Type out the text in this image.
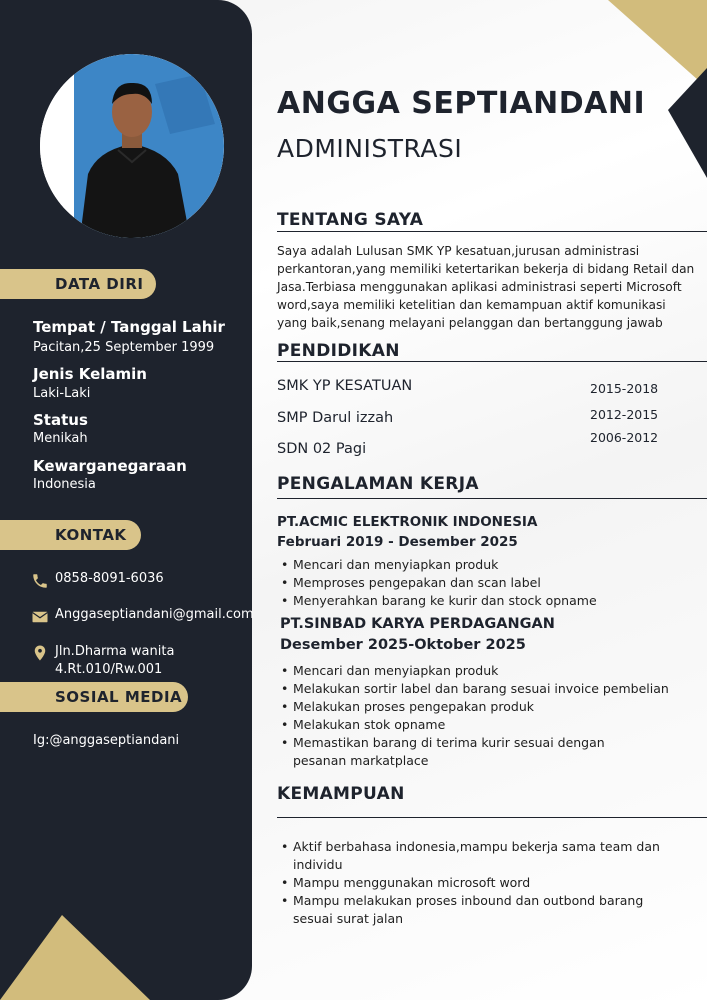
DATA DIRI
Tempat / Tanggal Lahir
Pacitan,25 September 1999
Jenis Kelamin
Laki-Laki
Status
Menikah
Kewarganegaraan
Indonesia
KONTAK
0858-8091-6036
Anggaseptiandani@gmail.com
Jln.Dharma wanita
4.Rt.010/Rw.001
SOSIAL MEDIA
Ig:@anggaseptiandani
ANGGA SEPTIANDANI
ADMINISTRASI
TENTANG SAYA
Saya adalah Lulusan SMK YP kesatuan,jurusan administrasi perkantoran,yang memiliki ketertarikan bekerja di bidang Retail dan Jasa.Terbiasa menggunakan aplikasi administrasi seperti Microsoft word,saya memiliki ketelitian dan kemampuan aktif komunikasi yang baik,senang melayani pelanggan dan bertanggung jawab
PENDIDIKAN
SMK YP KESATUAN	2015-2018
SMP Darul izzah	2012-2015
SDN 02 Pagi
2006-2012
PENGALAMAN KERJA
PT.ACMIC ELEKTRONIK INDONESIA
Februari 2019 - Desember 2025
• Mencari dan menyiapkan produk
• Memproses pengepakan dan scan label
• Menyerahkan barang ke kurir dan stock opname
PT.SINBAD KARYA PERDAGANGAN
Desember 2025-Oktober 2025
• Mencari dan menyiapkan produk
• Melakukan sortir label dan barang sesuai invoice pembelian
• Melakukan proses pengepakan produk
• Melakukan stok opname
• Memastikan barang di terima kurir sesuai dengan pesanan markatplace
KEMAMPUAN
• Aktif berbahasa indonesia,mampu bekerja sama team dan individu
• Mampu menggunakan microsoft word
• Mampu melakukan proses inbound dan outbond barang sesuai surat jalan
